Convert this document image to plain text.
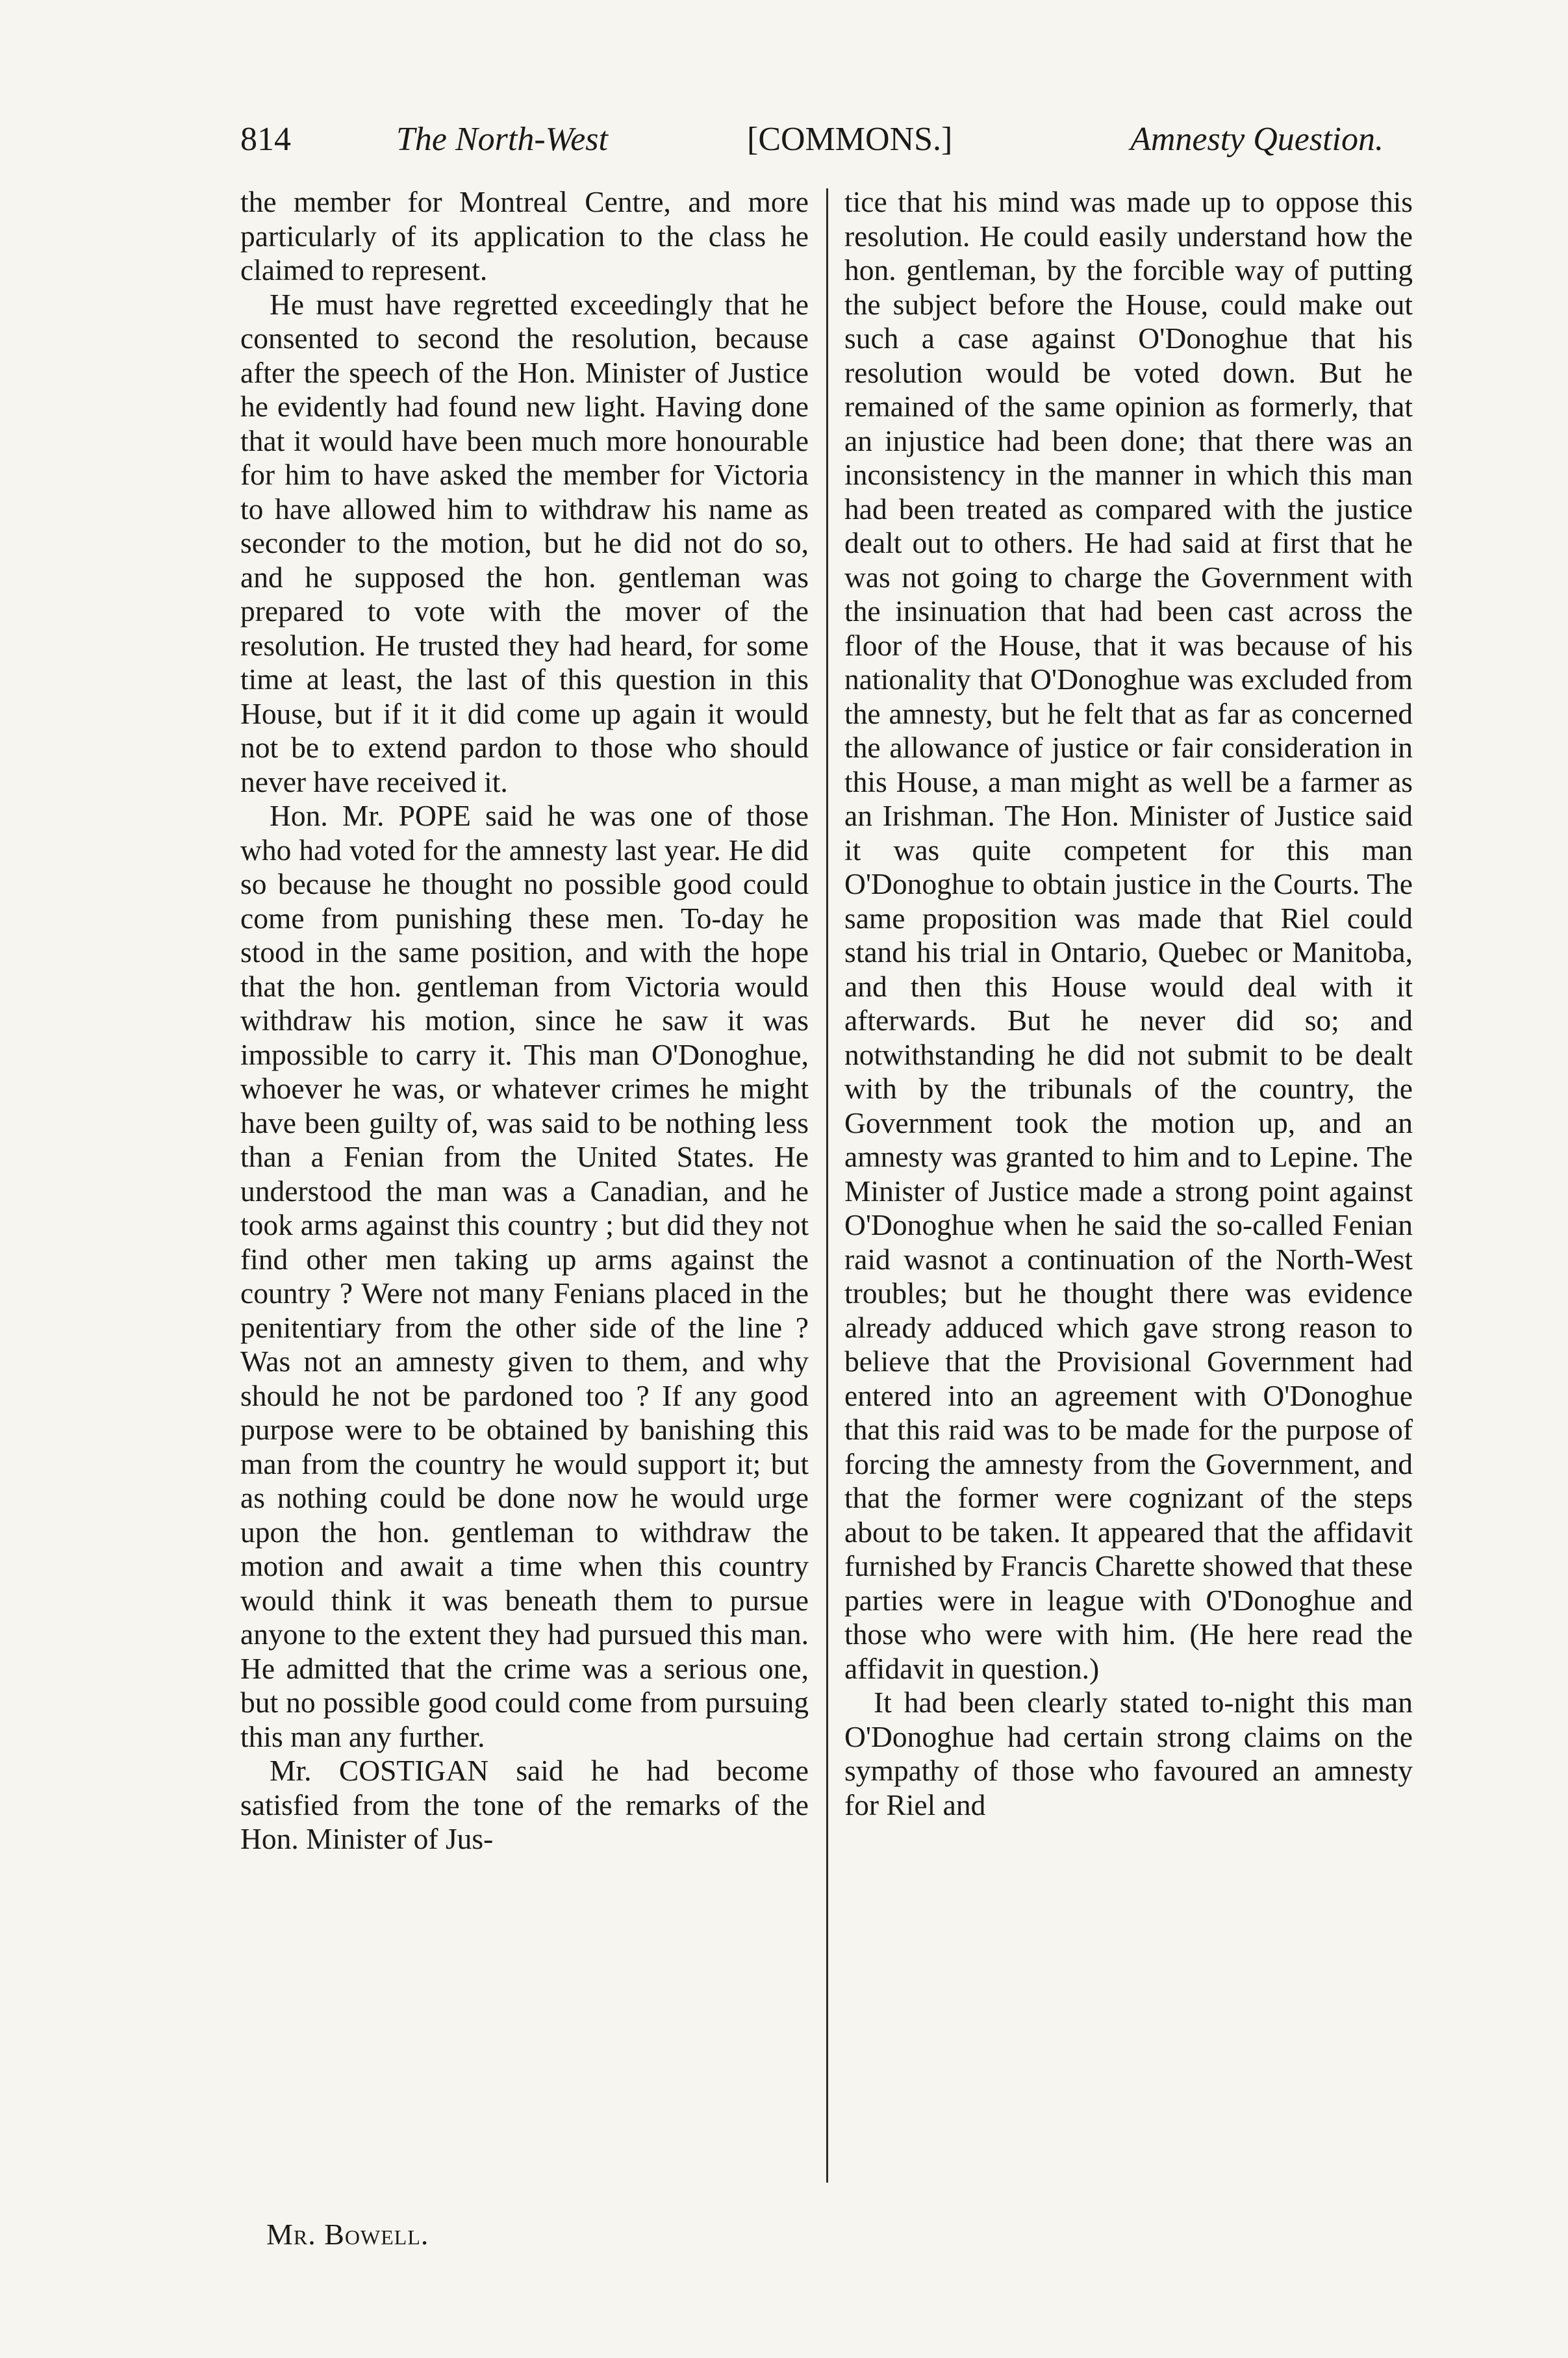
814	The North-West	[COMMONS.]	Amnesty Question.

the member for Montreal Centre, and more particularly of its application to the class he claimed to represent.

He must have regretted exceedingly that he consented to second the resolution, because after the speech of the Hon. Minister of Justice he evidently had found new light. Having done that it would have been much more honourable for him to have asked the member for Victoria to have allowed him to withdraw his name as seconder to the motion, but he did not do so, and he supposed the hon. gentleman was prepared to vote with the mover of the resolution. He trusted they had heard, for some time at least, the last of this question in this House, but if it it did come up again it would not be to extend pardon to those who should never have received it.

Hon. Mr. POPE said he was one of those who had voted for the amnesty last year. He did so because he thought no possible good could come from punishing these men. To-day he stood in the same position, and with the hope that the hon. gentleman from Victoria would withdraw his motion, since he saw it was impossible to carry it. This man O'Donoghue, whoever he was, or whatever crimes he might have been guilty of, was said to be nothing less than a Fenian from the United States. He understood the man was a Canadian, and he took arms against this country ; but did they not find other men taking up arms against the country ? Were not many Fenians placed in the penitentiary from the other side of the line ? Was not an amnesty given to them, and why should he not be pardoned too ? If any good purpose were to be obtained by banishing this man from the country he would support it; but as nothing could be done now he would urge upon the hon. gentleman to withdraw the motion and await a time when this country would think it was beneath them to pursue anyone to the extent they had pursued this man. He admitted that the crime was a serious one, but no possible good could come from pursuing this man any further.

Mr. COSTIGAN said he had become satisfied from the tone of the remarks of the Hon. Minister of Jus-

tice that his mind was made up to oppose this resolution. He could easily understand how the hon. gentleman, by the forcible way of putting the subject before the House, could make out such a case against O'Donoghue that his resolution would be voted down. But he remained of the same opinion as formerly, that an injustice had been done; that there was an inconsistency in the manner in which this man had been treated as compared with the justice dealt out to others. He had said at first that he was not going to charge the Government with the insinuation that had been cast across the floor of the House, that it was because of his nationality that O'Donoghue was excluded from the amnesty, but he felt that as far as concerned the allowance of justice or fair consideration in this House, a man might as well be a farmer as an Irishman. The Hon. Minister of Justice said it was quite competent for this man O'Donoghue to obtain justice in the Courts. The same proposition was made that Riel could stand his trial in Ontario, Quebec or Manitoba, and then this House would deal with it afterwards. But he never did so; and notwithstanding he did not submit to be dealt with by the tribunals of the country, the Government took the motion up, and an amnesty was granted to him and to Lepine. The Minister of Justice made a strong point against O'Donoghue when he said the so-called Fenian raid wasnot a continuation of the North-West troubles; but he thought there was evidence already adduced which gave strong reason to believe that the Provisional Government had entered into an agreement with O'Donoghue that this raid was to be made for the purpose of forcing the amnesty from the Government, and that the former were cognizant of the steps about to be taken. It appeared that the affidavit furnished by Francis Charette showed that these parties were in league with O'Donoghue and those who were with him. (He here read the affidavit in question.)

It had been clearly stated to-night this man O'Donoghue had certain strong claims on the sympathy of those who favoured an amnesty for Riel and

Mr. Bowell.
